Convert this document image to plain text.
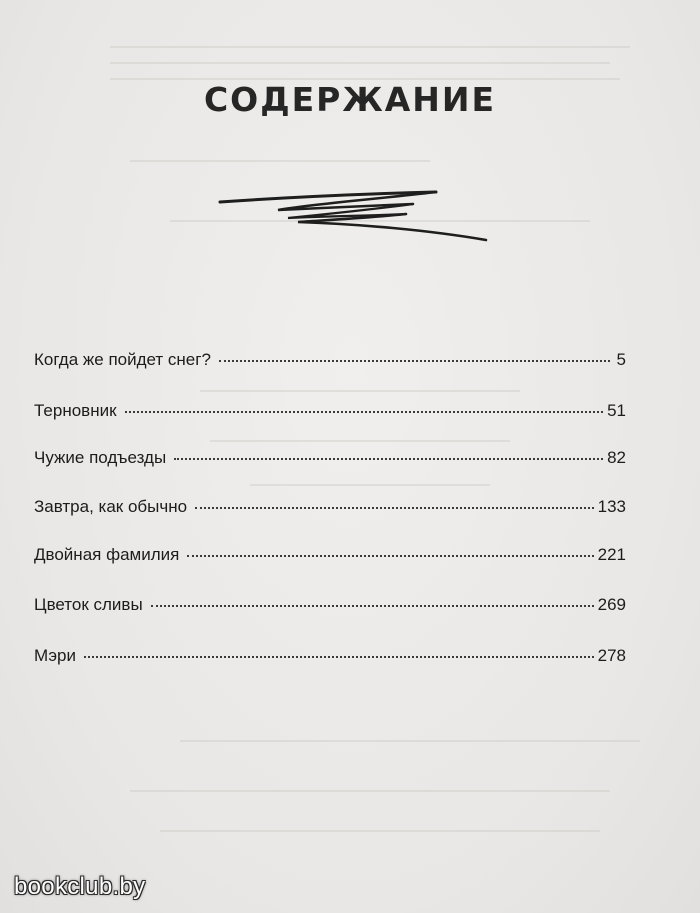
СОДЕРЖАНИЕ
Когда же пойдет снег?	5
Терновник	51
Чужие подъезды	82
Завтра, как обычно	133
Двойная фамилия	221
Цветок сливы	269
Мэри	278
bookclub.by
